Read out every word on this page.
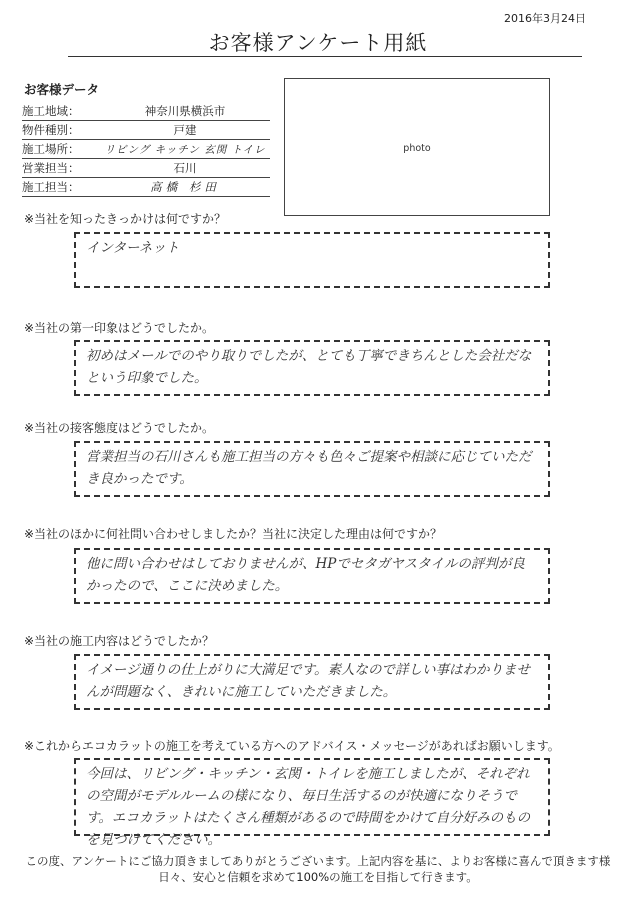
2016年3月24日
お客様アンケート用紙
お客様データ
施工地域：	神奈川県横浜市
物件種別：	戸建
施工場所：	リビング キッチン 玄関 トイレ
営業担当：	石川
施工担当：	高橋 杉田
photo
※当社を知ったきっかけは何ですか？
インターネット
※当社の第一印象はどうでしたか。
初めはメールでのやり取りでしたが、とても丁寧できちんとした会社だなという印象でした。
※当社の接客態度はどうでしたか。
営業担当の石川さんも施工担当の方々も色々ご提案や相談に応じていただき良かったです。
※当社のほかに何社問い合わせしましたか？当社に決定した理由は何ですか？
他に問い合わせはしておりませんが、HPでセタガヤスタイルの評判が良かったので、ここに決めました。
※当社の施工内容はどうでしたか？
イメージ通りの仕上がりに大満足です。素人なので詳しい事はわかりませんが問題なく、きれいに施工していただきました。
※これからエコカラットの施工を考えている方へのアドバイス・メッセージがあればお願いします。
今回は、リビング・キッチン・玄関・トイレを施工しましたが、それぞれの空間がモデルルームの様になり、毎日生活するのが快適になりそうです。エコカラットはたくさん種類があるので時間をかけて自分好みのものを見つけてください。
この度、アンケートにご協力頂きましてありがとうございます。上記内容を基に、よりお客様に喜んで頂きます様
日々、安心と信頼を求めて100%の施工を目指して行きます。
